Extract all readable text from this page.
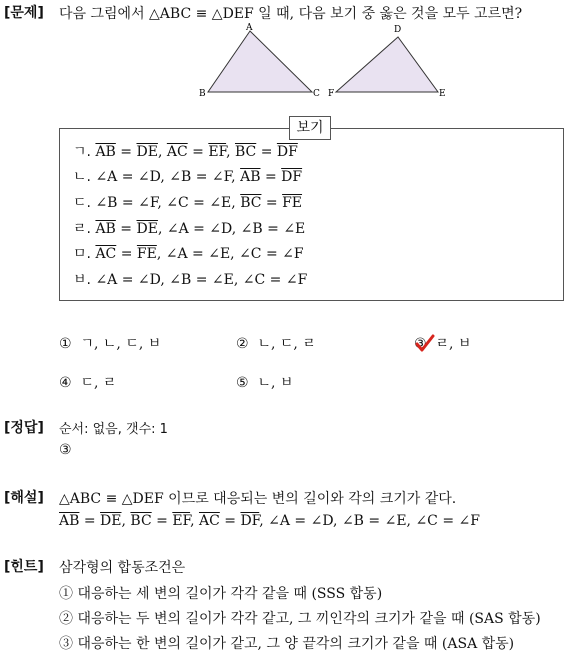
[문제] 다음 그림에서 △ABC ≡ △DEF 일 때, 다음 보기 중 옳은 것을 모두 고르면?
A
B	C
D
F	E
보기
ㄱ. $\overline{AB} = \overline{DE}$, $\overline{AC} = \overline{EF}$, $\overline{BC} = \overline{DF}$
ㄴ. ∠A = ∠D, ∠B = ∠F, $\overline{AB} = \overline{DF}$
ㄷ. ∠B = ∠F, ∠C = ∠E, $\overline{BC} = \overline{FE}$
ㄹ. $\overline{AB} = \overline{DE}$, ∠A = ∠D, ∠B = ∠E
ㅁ. $\overline{AC} = \overline{FE}$, ∠A = ∠E, ∠C = ∠F
ㅂ. ∠A = ∠D, ∠B = ∠E, ∠C = ∠F
① ㄱ, ㄴ, ㄷ, ㅂ	② ㄴ, ㄷ, ㄹ	③ ㄹ, ㅂ
④ ㄷ, ㄹ	⑤ ㄴ, ㅂ
[정답] 순서: 없음, 갯수: 1
③
[해설] △ABC ≡ △DEF 이므로 대응되는 변의 길이와 각의 크기가 같다.
$\overline{AB} = \overline{DE}$, $\overline{BC} = \overline{EF}$, $\overline{AC} = \overline{DF}$, ∠A = ∠D, ∠B = ∠E, ∠C = ∠F
[힌트] 삼각형의 합동조건은
① 대응하는 세 변의 길이가 각각 같을 때 (SSS 합동)
② 대응하는 두 변의 길이가 각각 같고, 그 끼인각의 크기가 같을 때 (SAS 합동)
③ 대응하는 한 변의 길이가 같고, 그 양 끝각의 크기가 같을 때 (ASA 합동)
